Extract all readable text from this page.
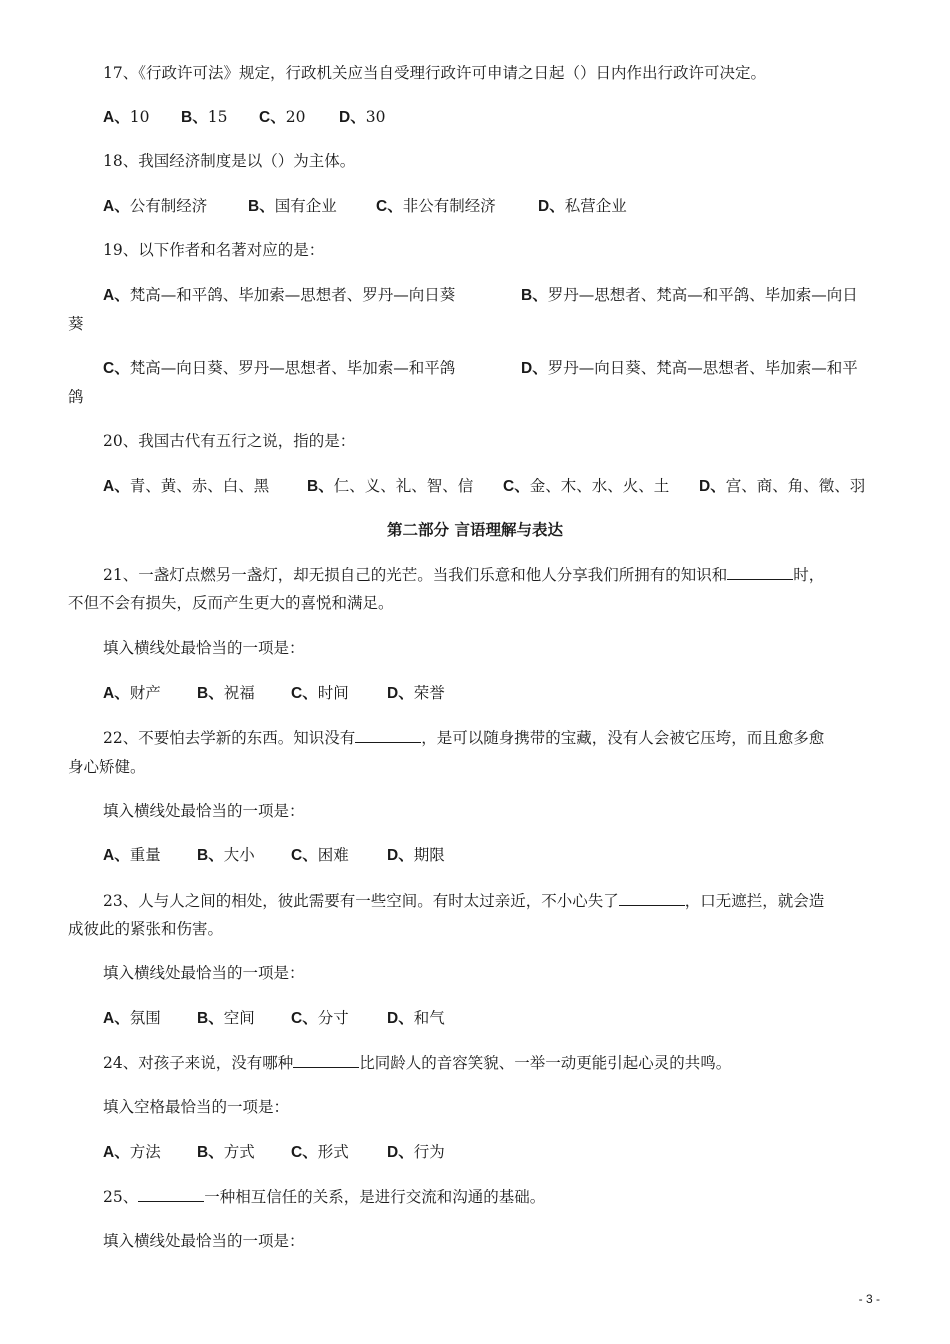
17、《行政许可法》规定，行政机关应当自受理行政许可申请之日起（）日内作出行政许可决定。
A、10 B、15 C、20 D、30
18、我国经济制度是以（）为主体。
A、公有制经济	B、国有企业	C、非公有制经济	D、私营企业
19、以下作者和名著对应的是：
A、梵高—和平鸽、毕加索—思想者、罗丹—向日葵	B、罗丹—思想者、梵高—和平鸽、毕加索—向日
葵
C、梵高—向日葵、罗丹—思想者、毕加索—和平鸽	D、罗丹—向日葵、梵高—思想者、毕加索—和平
鸽
20、我国古代有五行之说，指的是：
A、青、黄、赤、白、黑 B、仁、义、礼、智、信 C、金、木、水、火、土 D、宫、商、角、徵、羽
第二部分 言语理解与表达
21、一盏灯点燃另一盏灯，却无损自己的光芒。当我们乐意和他人分享我们所拥有的知识和	时，
不但不会有损失，反而产生更大的喜悦和满足。
填入横线处最恰当的一项是：
A、财产 B、祝福 C、时间 D、荣誉
22、不要怕去学新的东西。知识没有	，是可以随身携带的宝藏，没有人会被它压垮，而且愈多愈
身心矫健。
填入横线处最恰当的一项是：
A、重量 B、大小 C、困难 D、期限
23、人与人之间的相处，彼此需要有一些空间。有时太过亲近，不小心失了	，口无遮拦，就会造
成彼此的紧张和伤害。
填入横线处最恰当的一项是：
A、氛围 B、空间 C、分寸 D、和气
24、对孩子来说，没有哪种	比同龄人的音容笑貌、一举一动更能引起心灵的共鸣。
填入空格最恰当的一项是：
A、方法 B、方式 C、形式 D、行为
25、	一种相互信任的关系，是进行交流和沟通的基础。
填入横线处最恰当的一项是：
- 3 -
